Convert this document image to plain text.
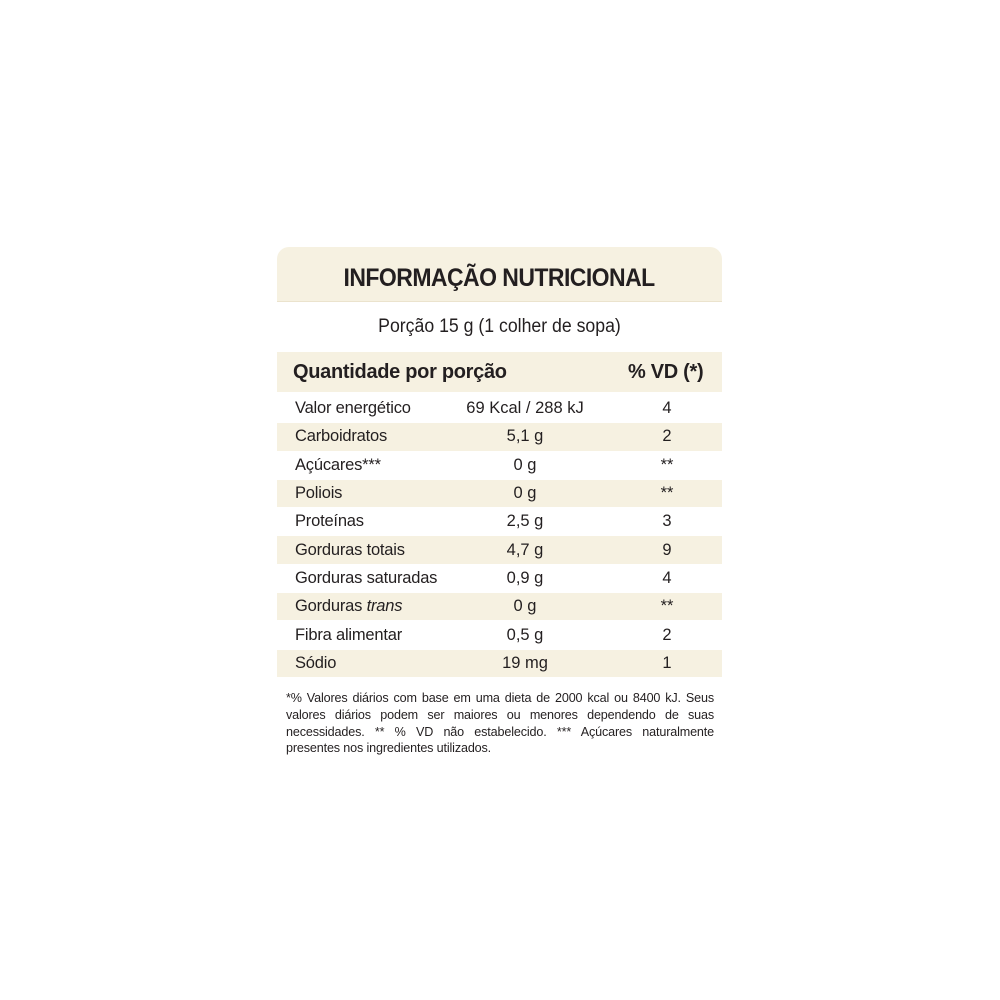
INFORMAÇÃO NUTRICIONAL
Porção 15 g (1 colher de sopa)
Quantidade por porção	% VD (*)
Valor energético	69 Kcal / 288 kJ	4
Carboidratos	5,1 g	2
Açúcares***	0 g	**
Poliois	0 g	**
Proteínas	2,5 g	3
Gorduras totais	4,7 g	9
Gorduras saturadas	0,9 g	4
Gorduras trans	0 g	**
Fibra alimentar	0,5 g	2
Sódio	19 mg	1
*% Valores diários com base em uma dieta de 2000 kcal ou 8400 kJ. Seus valores diários podem ser maiores ou menores dependendo de suas necessidades. ** % VD não estabelecido. *** Açúcares naturalmente presentes nos ingredientes utilizados.
